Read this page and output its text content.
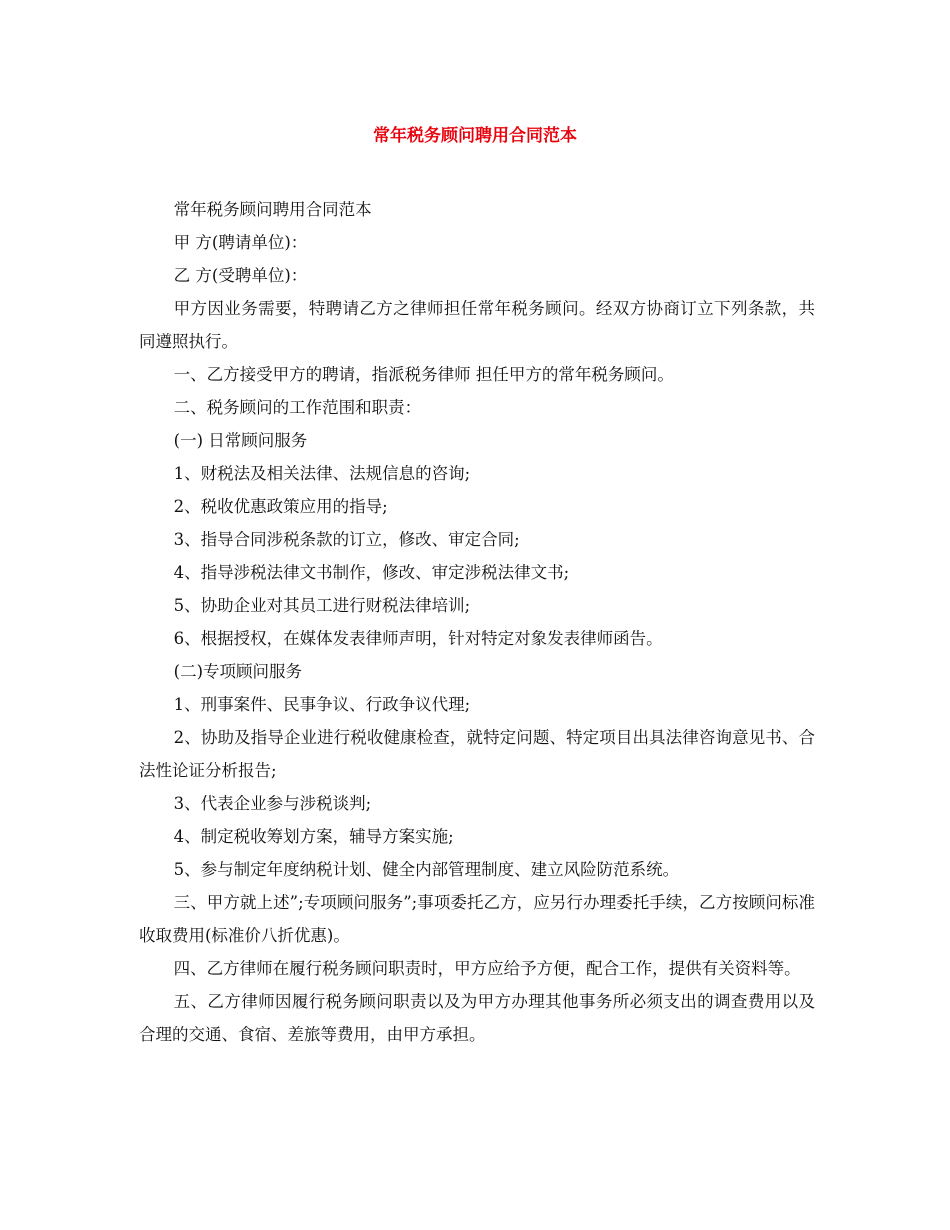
常年税务顾问聘用合同范本

常年税务顾问聘用合同范本

甲 方(聘请单位)：

乙 方(受聘单位)：

甲方因业务需要，特聘请乙方之律师担任常年税务顾问。经双方协商订立下列条款，共同遵照执行。

一、乙方接受甲方的聘请，指派税务律师 担任甲方的常年税务顾问。

二、税务顾问的工作范围和职责：

(一) 日常顾问服务

1、财税法及相关法律、法规信息的咨询;

2、税收优惠政策应用的指导;

3、指导合同涉税条款的订立，修改、审定合同;

4、指导涉税法律文书制作，修改、审定涉税法律文书;

5、协助企业对其员工进行财税法律培训;

6、根据授权，在媒体发表律师声明，针对特定对象发表律师函告。

(二)专项顾问服务

1、刑事案件、民事争议、行政争议代理;

2、协助及指导企业进行税收健康检查，就特定问题、特定项目出具法律咨询意见书、合法性论证分析报告;

3、代表企业参与涉税谈判;

4、制定税收筹划方案，辅导方案实施;

5、参与制定年度纳税计划、健全内部管理制度、建立风险防范系统。

三、甲方就上述”;专项顾问服务”;事项委托乙方，应另行办理委托手续，乙方按顾问标准收取费用(标准价八折优惠)。

四、乙方律师在履行税务顾问职责时，甲方应给予方便，配合工作，提供有关资料等。

五、乙方律师因履行税务顾问职责以及为甲方办理其他事务所必须支出的调查费用以及合理的交通、食宿、差旅等费用，由甲方承担。
